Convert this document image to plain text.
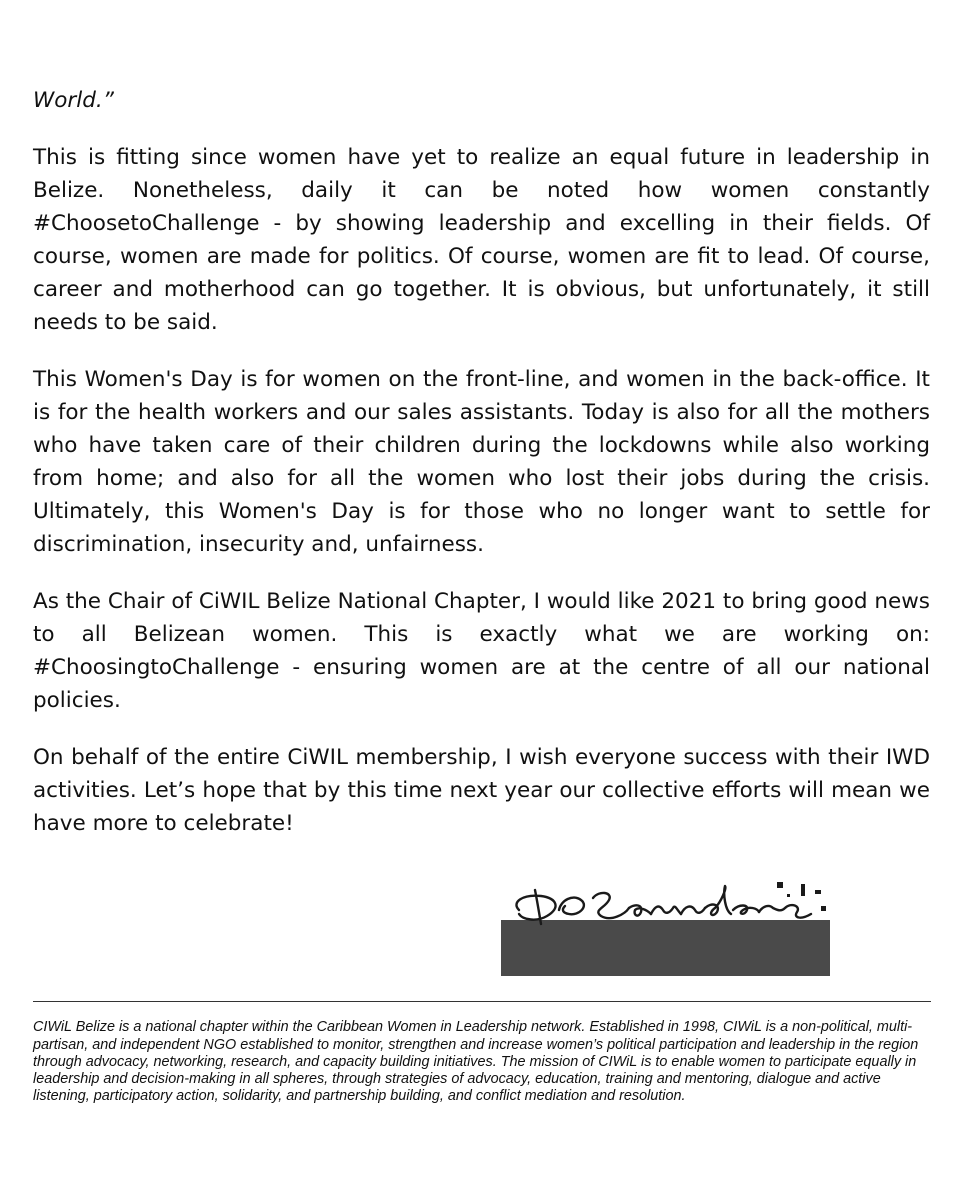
World.”

This is fitting since women have yet to realize an equal future in leadership in Belize. Nonetheless, daily it can be noted how women constantly #ChoosetoChallenge - by showing leadership and excelling in their fields. Of course, women are made for politics. Of course, women are fit to lead. Of course, career and motherhood can go together. It is obvious, but unfortunately, it still needs to be said.

This Women's Day is for women on the front-line, and women in the back-office. It is for the health workers and our sales assistants. Today is also for all the mothers who have taken care of their children during the lockdowns while also working from home; and also for all the women who lost their jobs during the crisis. Ultimately, this Women's Day is for those who no longer want to settle for discrimination, insecurity and, unfairness.

As the Chair of CiWIL Belize National Chapter, I would like 2021 to bring good news to all Belizean women. This is exactly what we are working on: #ChoosingtoChallenge - ensuring women are at the centre of all our national policies.

On behalf of the entire CiWIL membership, I wish everyone success with their IWD activities. Let’s hope that by this time next year our collective efforts will mean we have more to celebrate!

CIWiL Belize is a national chapter within the Caribbean Women in Leadership network. Established in 1998, CIWiL is a non-political, multi-partisan, and independent NGO established to monitor, strengthen and increase women’s political participation and leadership in the region through advocacy, networking, research, and capacity building initiatives. The mission of CIWiL is to enable women to participate equally in leadership and decision-making in all spheres, through strategies of advocacy, education, training and mentoring, dialogue and active listening, participatory action, solidarity, and partnership building, and conflict mediation and resolution.
